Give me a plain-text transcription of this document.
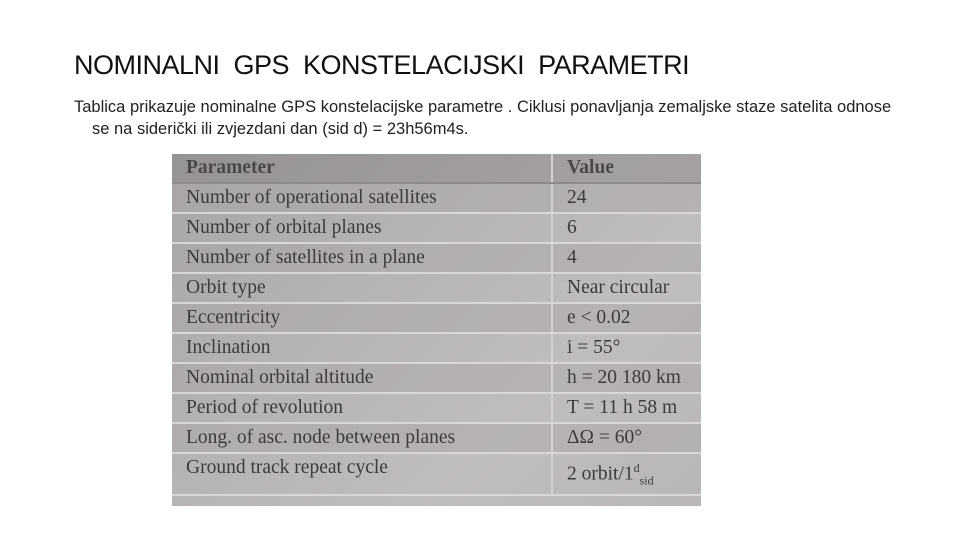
NOMINALNI  GPS  KONSTELACIJSKI  PARAMETRI
Tablica prikazuje nominalne GPS konstelacijske parametre . Ciklusi ponavljanja zemaljske staze satelita odnose se na siderički ili zvjezdani dan (sid d) = 23h56m4s.
Parameter	Value
Number of operational satellites	24
Number of orbital planes	6
Number of satellites in a plane	4
Orbit type	Near circular
Eccentricity	e < 0.02
Inclination	i = 55°
Nominal orbital altitude	h = 20 180 km
Period of revolution	T = 11 h 58 m
Long. of asc. node between planes	ΔΩ = 60°
Ground track repeat cycle	2 orbit/$1^d_{sid}$
